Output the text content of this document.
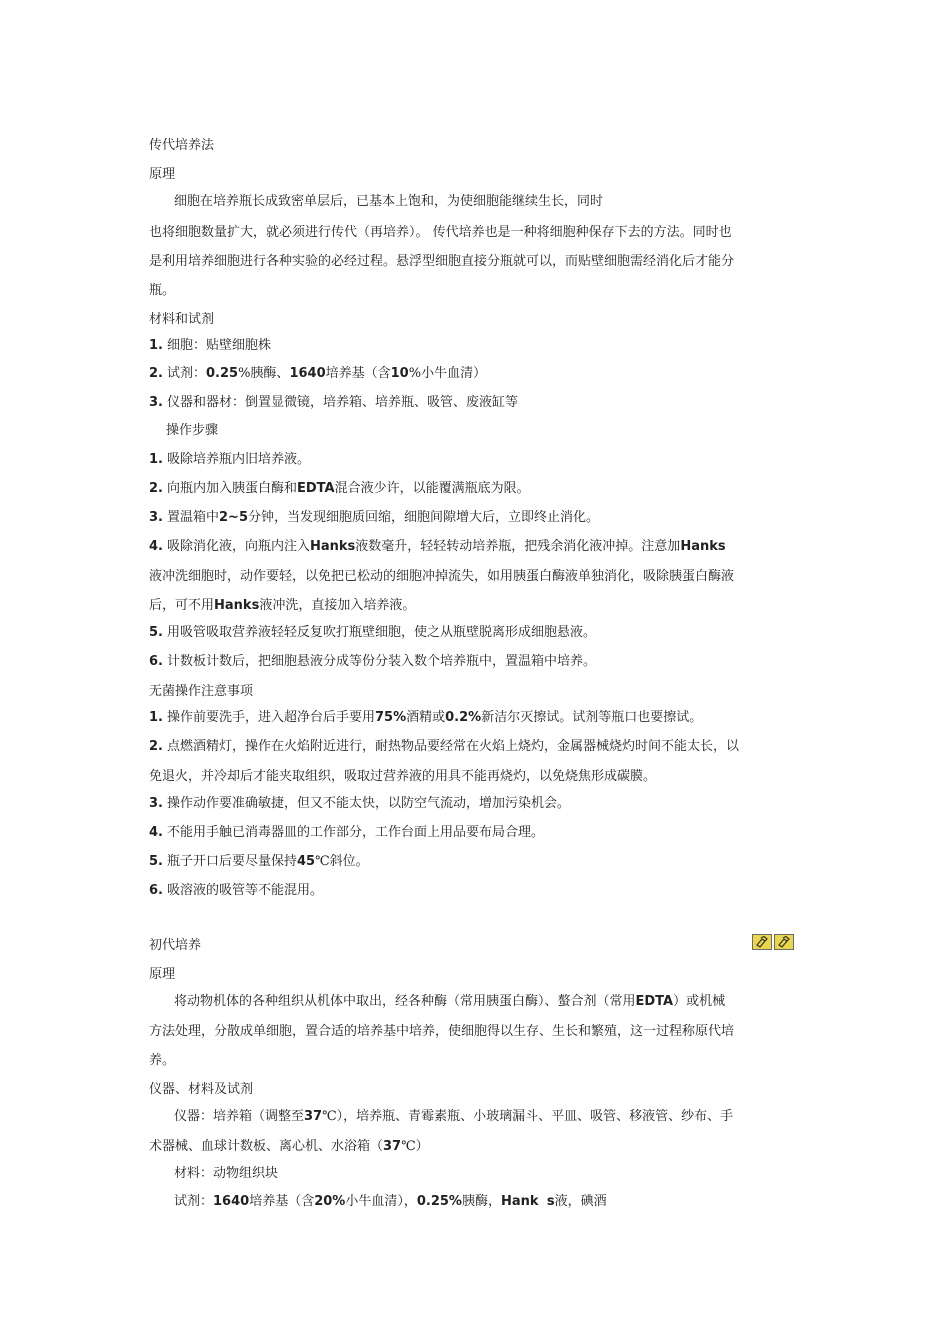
传代培养法
原理
细胞在培养瓶长成致密单层后，已基本上饱和，为使细胞能继续生长，同时
也将细胞数量扩大，就必须进行传代（再培养）。 传代培养也是一种将细胞种保存下去的方法。同时也
是利用培养细胞进行各种实验的必经过程。悬浮型细胞直接分瓶就可以，而贴壁细胞需经消化后才能分
瓶。
材料和试剂
1. 细胞：贴壁细胞株
2. 试剂：0.25%胰酶、1640培养基（含10%小牛血清）
3. 仪器和器材：倒置显微镜，培养箱、培养瓶、吸管、废液缸等
操作步骤
1. 吸除培养瓶内旧培养液。
2. 向瓶内加入胰蛋白酶和EDTA混合液少许，以能覆满瓶底为限。
3. 置温箱中2~5分钟，当发现细胞质回缩，细胞间隙增大后，立即终止消化。
4. 吸除消化液，向瓶内注入Hanks液数毫升，轻轻转动培养瓶，把残余消化液冲掉。注意加Hanks
液冲洗细胞时，动作要轻，以免把已松动的细胞冲掉流失，如用胰蛋白酶液单独消化，吸除胰蛋白酶液
后，可不用Hanks液冲洗，直接加入培养液。
5. 用吸管吸取营养液轻轻反复吹打瓶壁细胞，使之从瓶壁脱离形成细胞悬液。
6. 计数板计数后，把细胞悬液分成等份分装入数个培养瓶中，置温箱中培养。
无菌操作注意事项
1. 操作前要洗手，进入超净台后手要用75%酒精或0.2%新洁尔灭擦试。试剂等瓶口也要擦试。
2. 点燃酒精灯，操作在火焰附近进行，耐热物品要经常在火焰上烧灼，金属器械烧灼时间不能太长，以
免退火，并冷却后才能夹取组织，吸取过营养液的用具不能再烧灼，以免烧焦形成碳膜。
3. 操作动作要准确敏捷，但又不能太快，以防空气流动，增加污染机会。
4. 不能用手触已消毒器皿的工作部分，工作台面上用品要布局合理。
5. 瓶子开口后要尽量保持45℃斜位。
6. 吸溶液的吸管等不能混用。
初代培养
原理
将动物机体的各种组织从机体中取出，经各种酶（常用胰蛋白酶）、螯合剂（常用EDTA）或机械
方法处理，分散成单细胞，置合适的培养基中培养，使细胞得以生存、生长和繁殖，这一过程称原代培
养。
仪器、材料及试剂
仪器：培养箱（调整至37℃），培养瓶、青霉素瓶、小玻璃漏斗、平皿、吸管、移液管、纱布、手
术器械、血球计数板、离心机、水浴箱（37℃）
材料：动物组织块
试剂：1640培养基（含20%小牛血清），0.25%胰酶，Hank s液，碘酒
